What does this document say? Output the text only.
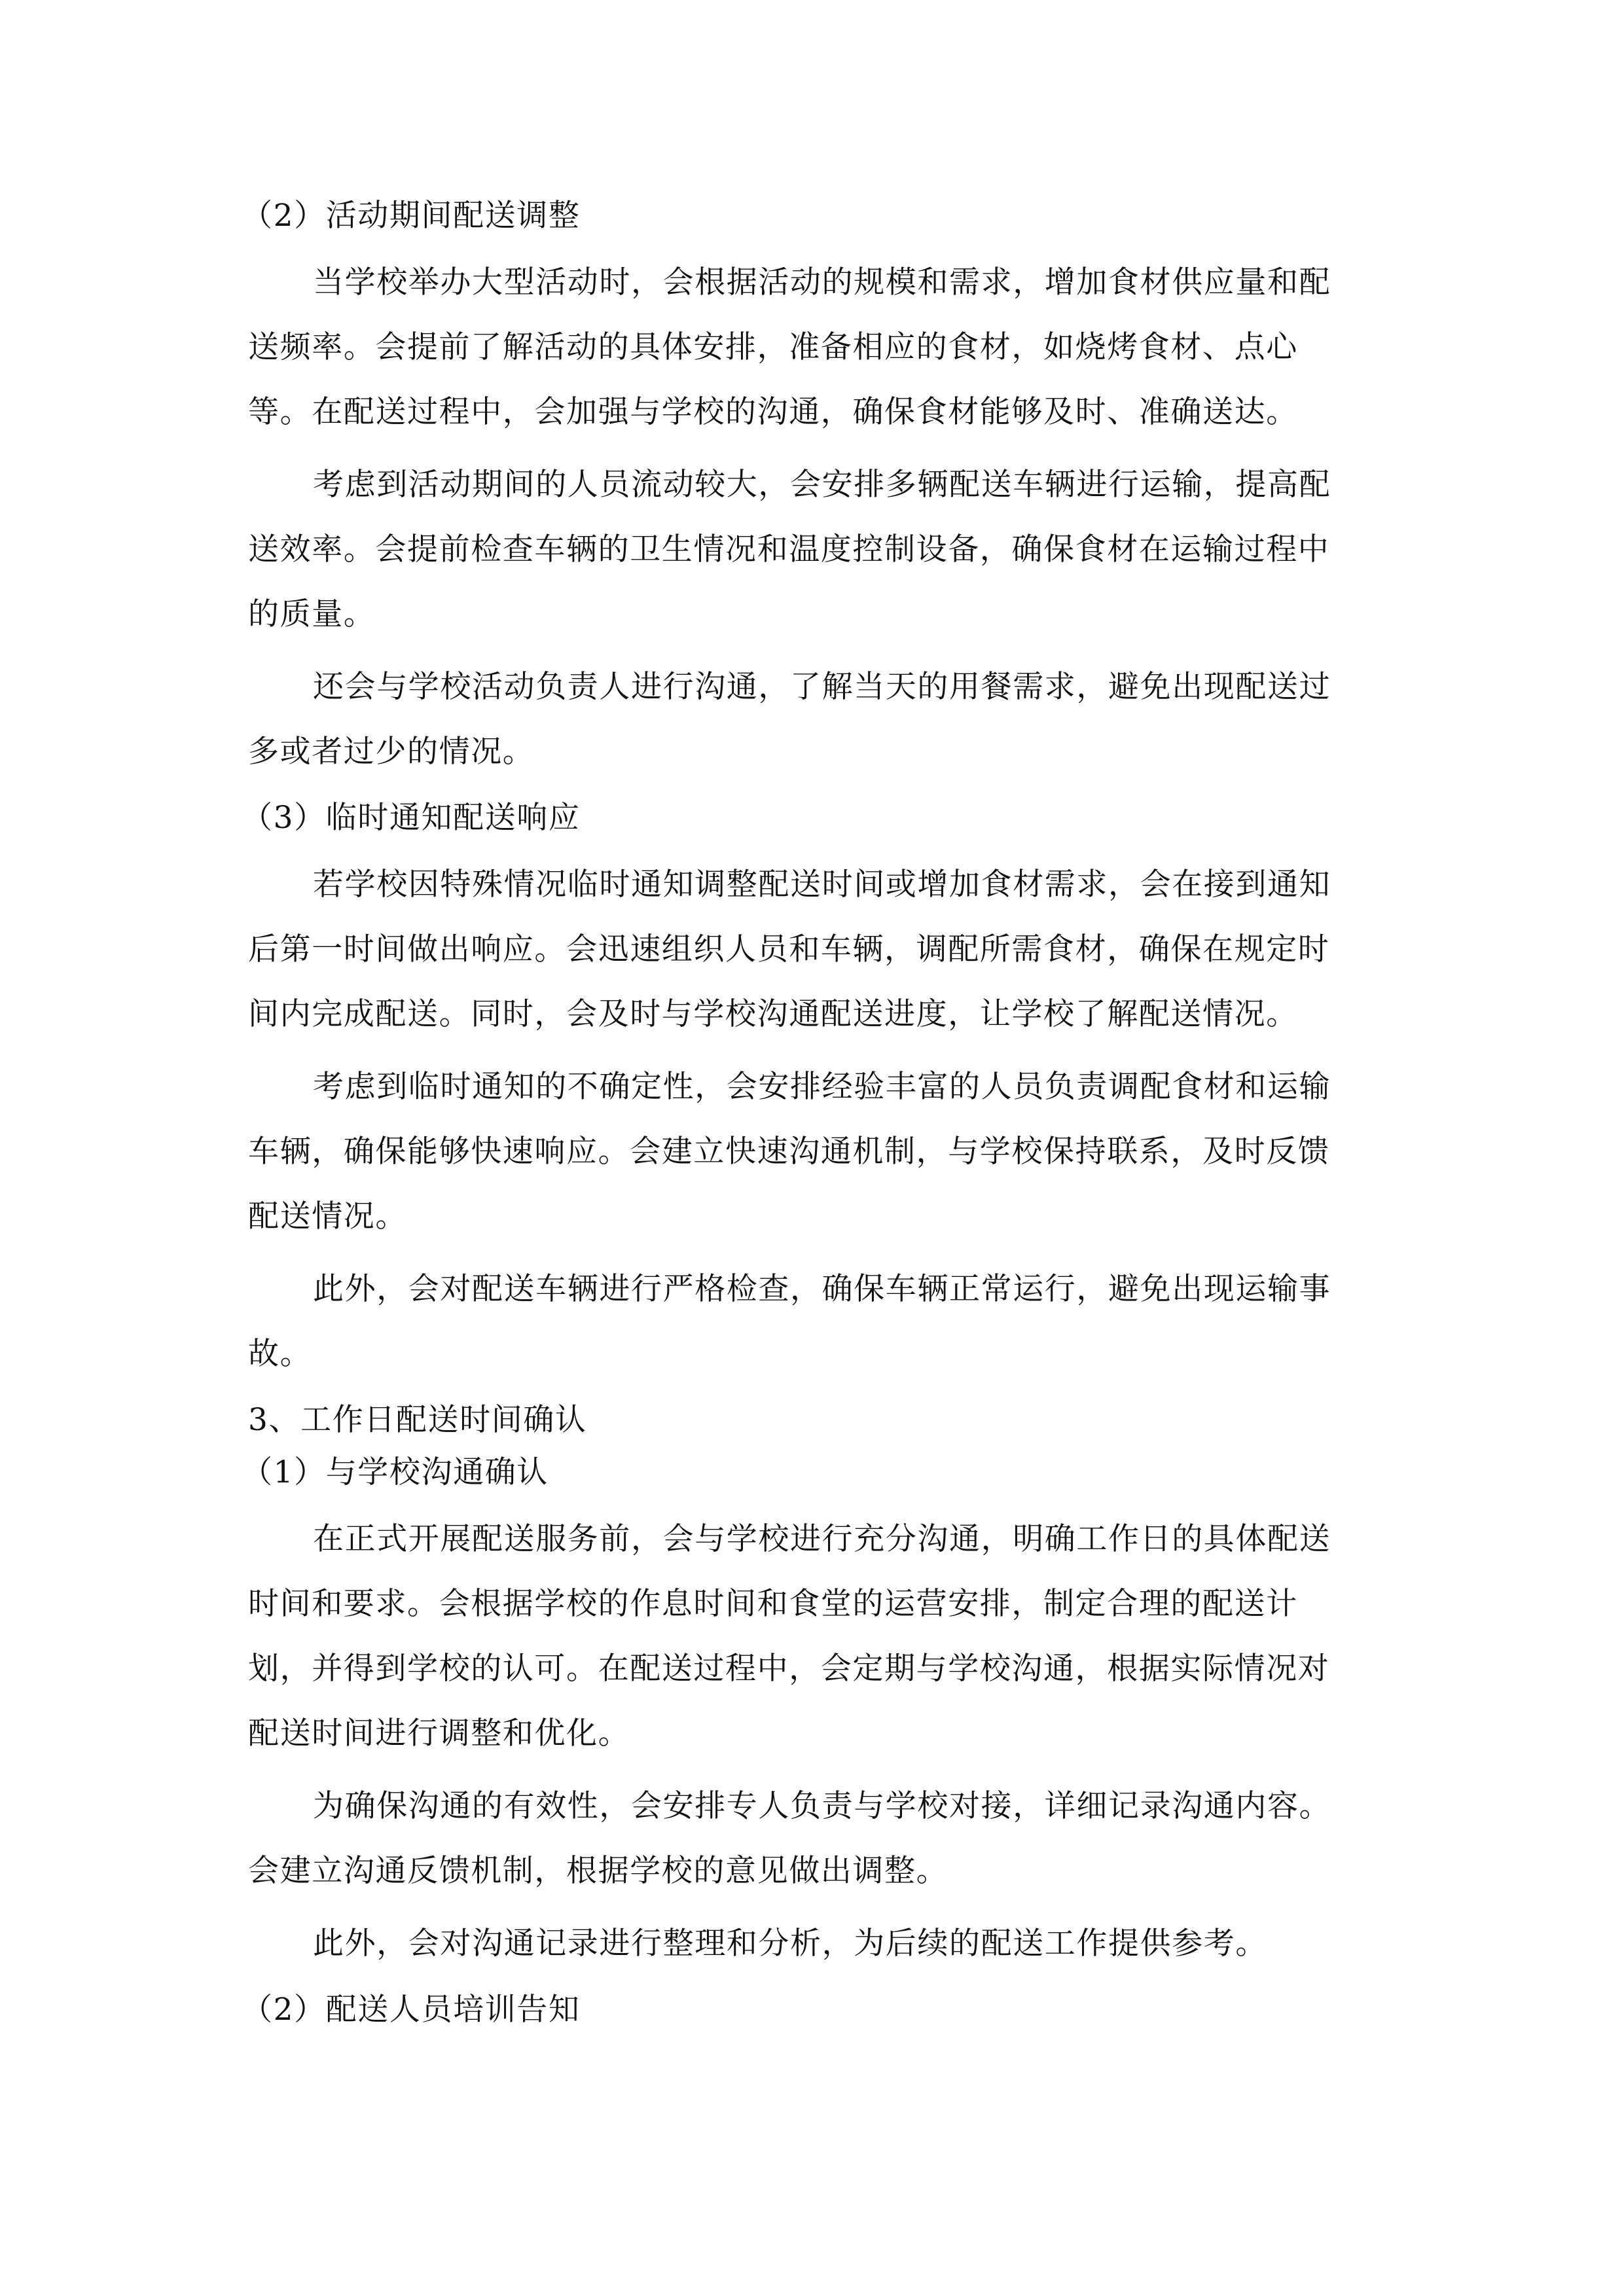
（2）活动期间配送调整
当学校举办大型活动时，会根据活动的规模和需求，增加食材供应量和配
送频率。会提前了解活动的具体安排，准备相应的食材，如烧烤食材、点心
等。在配送过程中，会加强与学校的沟通，确保食材能够及时、准确送达。
考虑到活动期间的人员流动较大，会安排多辆配送车辆进行运输，提高配
送效率。会提前检查车辆的卫生情况和温度控制设备，确保食材在运输过程中
的质量。
还会与学校活动负责人进行沟通，了解当天的用餐需求，避免出现配送过
多或者过少的情况。
（3）临时通知配送响应
若学校因特殊情况临时通知调整配送时间或增加食材需求，会在接到通知
后第一时间做出响应。会迅速组织人员和车辆，调配所需食材，确保在规定时
间内完成配送。同时，会及时与学校沟通配送进度，让学校了解配送情况。
考虑到临时通知的不确定性，会安排经验丰富的人员负责调配食材和运输
车辆，确保能够快速响应。会建立快速沟通机制，与学校保持联系，及时反馈
配送情况。
此外，会对配送车辆进行严格检查，确保车辆正常运行，避免出现运输事
故。
3、工作日配送时间确认
（1）与学校沟通确认
在正式开展配送服务前，会与学校进行充分沟通，明确工作日的具体配送
时间和要求。会根据学校的作息时间和食堂的运营安排，制定合理的配送计
划，并得到学校的认可。在配送过程中，会定期与学校沟通，根据实际情况对
配送时间进行调整和优化。
为确保沟通的有效性，会安排专人负责与学校对接，详细记录沟通内容。
会建立沟通反馈机制，根据学校的意见做出调整。
此外，会对沟通记录进行整理和分析，为后续的配送工作提供参考。
（2）配送人员培训告知
